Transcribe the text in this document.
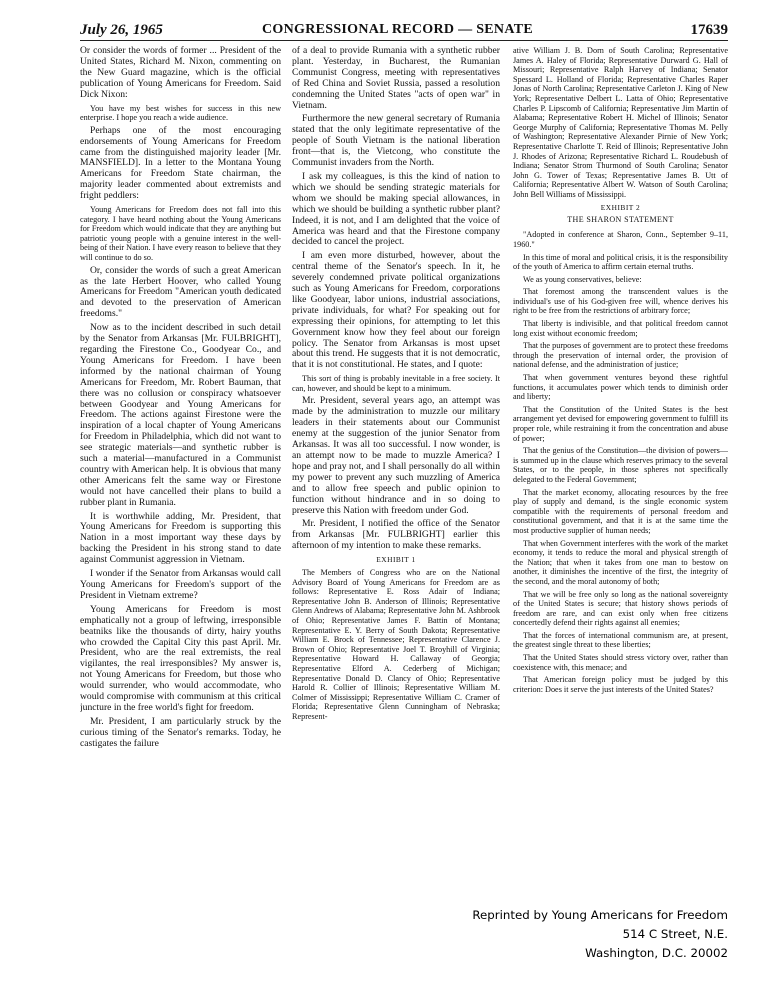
July 26, 1965	CONGRESSIONAL RECORD — SENATE	17639

Or consider the words of former ... President of the United States, Richard M. Nixon, commenting on the New Guard magazine, which is the official publication of Young Americans for Freedom. Said Dick Nixon:

You have my best wishes for success in this new enterprise. I hope you reach a wide audience.

Perhaps one of the most encouraging endorsements of Young Americans for Freedom came from the distinguished majority leader [Mr. MANSFIELD]. In a letter to the Montana Young Americans for Freedom State chairman, the majority leader commented about extremists and fright peddlers:

Young Americans for Freedom does not fall into this category. I have heard nothing about the Young Americans for Freedom which would indicate that they are anything but patriotic young people with a genuine interest in the well-being of their Nation. I have every reason to believe that they will continue to do so.

Or, consider the words of such a great American as the late Herbert Hoover, who called Young Americans for Freedom "American youth dedicated and devoted to the preservation of American freedoms."

Now as to the incident described in such detail by the Senator from Arkansas [Mr. FULBRIGHT], regarding the Firestone Co., Goodyear Co., and Young Americans for Freedom. I have been informed by the national chairman of Young Americans for Freedom, Mr. Robert Bauman, that there was no collusion or conspiracy whatsoever between Goodyear and Young Americans for Freedom. The actions against Firestone were the inspiration of a local chapter of Young Americans for Freedom in Philadelphia, which did not want to see strategic materials—and synthetic rubber is such a material—manufactured in a Communist country with American help. It is obvious that many other Americans felt the same way or Firestone would not have cancelled their plans to build a rubber plant in Rumania.

It is worthwhile adding, Mr. President, that Young Americans for Freedom is supporting this Nation in a most important way these days by backing the President in his strong stand to date against Communist aggression in Vietnam.

I wonder if the Senator from Arkansas would call Young Americans for Freedom's support of the President in Vietnam extreme?

Young Americans for Freedom is most emphatically not a group of leftwing, irresponsible beatniks like the thousands of dirty, hairy youths who crowded the Capital City this past April. Mr. President, who are the real extremists, the real vigilantes, the real irresponsibles? My answer is, not Young Americans for Freedom, but those who would surrender, who would accommodate, who would compromise with communism at this critical juncture in the free world's fight for freedom.

Mr. President, I am particularly struck by the curious timing of the Senator's remarks. Today, he castigates the failure

of a deal to provide Rumania with a synthetic rubber plant. Yesterday, in Bucharest, the Rumanian Communist Congress, meeting with representatives of Red China and Soviet Russia, passed a resolution condemning the United States "acts of open war" in Vietnam.

Furthermore the new general secretary of Rumania stated that the only legitimate representative of the people of South Vietnam is the national liberation front—that is, the Vietcong, who constitute the Communist invaders from the North.

I ask my colleagues, is this the kind of nation to which we should be sending strategic materials for whom we should be making special allowances, in which we should be building a synthetic rubber plant? Indeed, it is not, and I am delighted that the voice of America was heard and that the Firestone company decided to cancel the project.

I am even more disturbed, however, about the central theme of the Senator's speech. In it, he severely condemned private political organizations such as Young Americans for Freedom, corporations like Goodyear, labor unions, industrial associations, private individuals, for what? For speaking out for expressing their opinions, for attempting to let this Government know how they feel about our foreign policy. The Senator from Arkansas is most upset about this trend. He suggests that it is not democratic, that it is not constitutional. He states, and I quote:

This sort of thing is probably inevitable in a free society. It can, however, and should be kept to a minimum.

Mr. President, several years ago, an attempt was made by the administration to muzzle our military leaders in their statements about our Communist enemy at the suggestion of the junior Senator from Arkansas. It was all too successful. I now wonder, is an attempt now to be made to muzzle America? I hope and pray not, and I shall personally do all within my power to prevent any such muzzling of America and to allow free speech and public opinion to function without hindrance and in so doing to preserve this Nation with freedom under God.

Mr. President, I notified the office of the Senator from Arkansas [Mr. FULBRIGHT] earlier this afternoon of my intention to make these remarks.

EXHIBIT 1

The Members of Congress who are on the National Advisory Board of Young Americans for Freedom are as follows: Representative E. Ross Adair of Indiana; Representative John B. Anderson of Illinois; Representative Glenn Andrews of Alabama; Representative John M. Ashbrook of Ohio; Representative James F. Battin of Montana; Representative E. Y. Berry of South Dakota; Representative William E. Brock of Tennessee; Representative Clarence J. Brown of Ohio; Representative Joel T. Broyhill of Virginia; Representative Howard H. Callaway of Georgia; Representative Elford A. Cederberg of Michigan; Representative Donald D. Clancy of Ohio; Representative Harold R. Collier of Illinois; Representative William M. Colmer of Mississippi; Representative William C. Cramer of Florida; Representative Glenn Cunningham of Nebraska; Represent-

ative William J. B. Dorn of South Carolina; Representative James A. Haley of Florida; Representative Durward G. Hall of Missouri; Representative Ralph Harvey of Indiana; Senator Spessard L. Holland of Florida; Representative Charles Raper Jonas of North Carolina; Representative Carleton J. King of New York; Representative Delbert L. Latta of Ohio; Representative Charles P. Lipscomb of California; Representative Jim Martin of Alabama; Representative Robert H. Michel of Illinois; Senator George Murphy of California; Representative Thomas M. Pelly of Washington; Representative Alexander Pirnie of New York; Representative Charlotte T. Reid of Illinois; Representative John J. Rhodes of Arizona; Representative Richard L. Roudebush of Indiana; Senator Strom Thurmond of South Carolina; Senator John G. Tower of Texas; Representative James B. Utt of California; Representative Albert W. Watson of South Carolina; John Bell Williams of Mississippi.

EXHIBIT 2

THE SHARON STATEMENT

"Adopted in conference at Sharon, Conn., September 9–11, 1960."

In this time of moral and political crisis, it is the responsibility of the youth of America to affirm certain eternal truths.

We as young conservatives, believe:

That foremost among the transcendent values is the individual's use of his God-given free will, whence derives his right to be free from the restrictions of arbitrary force;

That liberty is indivisible, and that political freedom cannot long exist without economic freedom;

That the purposes of government are to protect these freedoms through the preservation of internal order, the provision of national defense, and the administration of justice;

That when government ventures beyond these rightful functions, it accumulates power which tends to diminish order and liberty;

That the Constitution of the United States is the best arrangement yet devised for empowering government to fulfill its proper role, while restraining it from the concentration and abuse of power;

That the genius of the Constitution—the division of powers—is summed up in the clause which reserves primacy to the several States, or to the people, in those spheres not specifically delegated to the Federal Government;

That the market economy, allocating resources by the free play of supply and demand, is the single economic system compatible with the requirements of personal freedom and constitutional government, and that it is at the same time the most productive supplier of human needs;

That when Government interferes with the work of the market economy, it tends to reduce the moral and physical strength of the Nation; that when it takes from one man to bestow on another, it diminishes the incentive of the first, the integrity of the second, and the moral autonomy of both;

That we will be free only so long as the national sovereignty of the United States is secure; that history shows periods of freedom are rare, and can exist only when free citizens concertedly defend their rights against all enemies;

That the forces of international communism are, at present, the greatest single threat to these liberties;

That the United States should stress victory over, rather than coexistence with, this menace; and

That American foreign policy must be judged by this criterion: Does it serve the just interests of the United States?

Reprinted by Young Americans for Freedom
514 C Street, N.E.
Washington, D.C. 20002
